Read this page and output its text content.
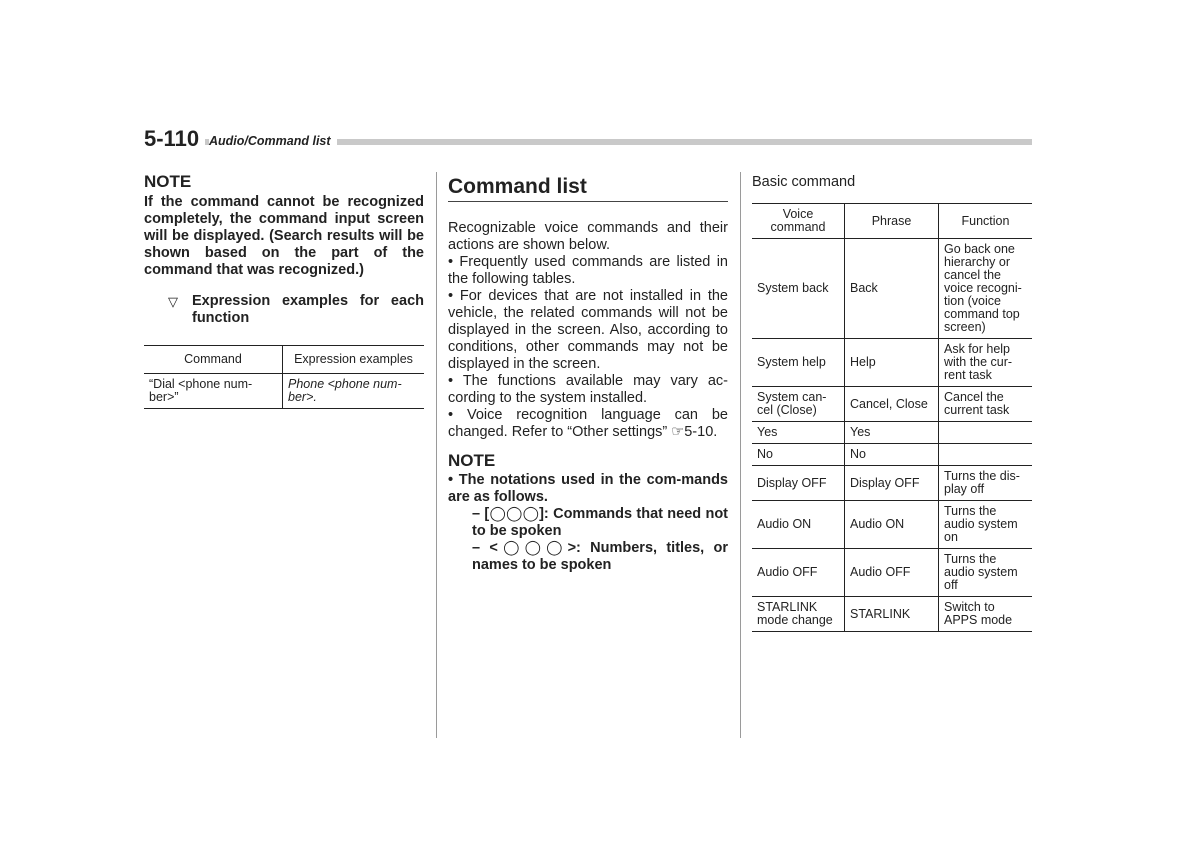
5-110 Audio/Command list

NOTE

If the command cannot be recognized completely, the command input screen will be displayed. (Search results will be shown based on the part of the command that was recognized.)

▽ Expression examples for each function
Command	Expression examples
“Dial <phone num-ber>”	Phone <phone num-ber>.
Command list

Recognizable voice commands and their actions are shown below.

• Frequently used commands are listed in the following tables.

• For devices that are not installed in the vehicle, the related commands will not be displayed in the screen. Also, according to conditions, other commands may not be displayed in the screen.

• The functions available may vary ac-cording to the system installed.

• Voice recognition language can be changed. Refer to “Other settings” ☞5-10.

NOTE

• The notations used in the com-mands are as follows.

– [◯◯◯]: Commands that need not to be spoken

– <◯◯◯>: Numbers, titles, or names to be spoken

Basic command

Voice command	Phrase	Function
System back	Back	Go back one hierarchy or cancel the voice recogni-tion (voice command top screen)
System help	Help	Ask for help with the cur-rent task
System can-cel (Close)	Cancel, Close	Cancel the current task
Yes	Yes	
No	No	
Display OFF	Display OFF	Turns the dis-play off
Audio ON	Audio ON	Turns the audio system on
Audio OFF	Audio OFF	Turns the audio system off
STARLINK mode change	STARLINK	Switch to APPS mode
